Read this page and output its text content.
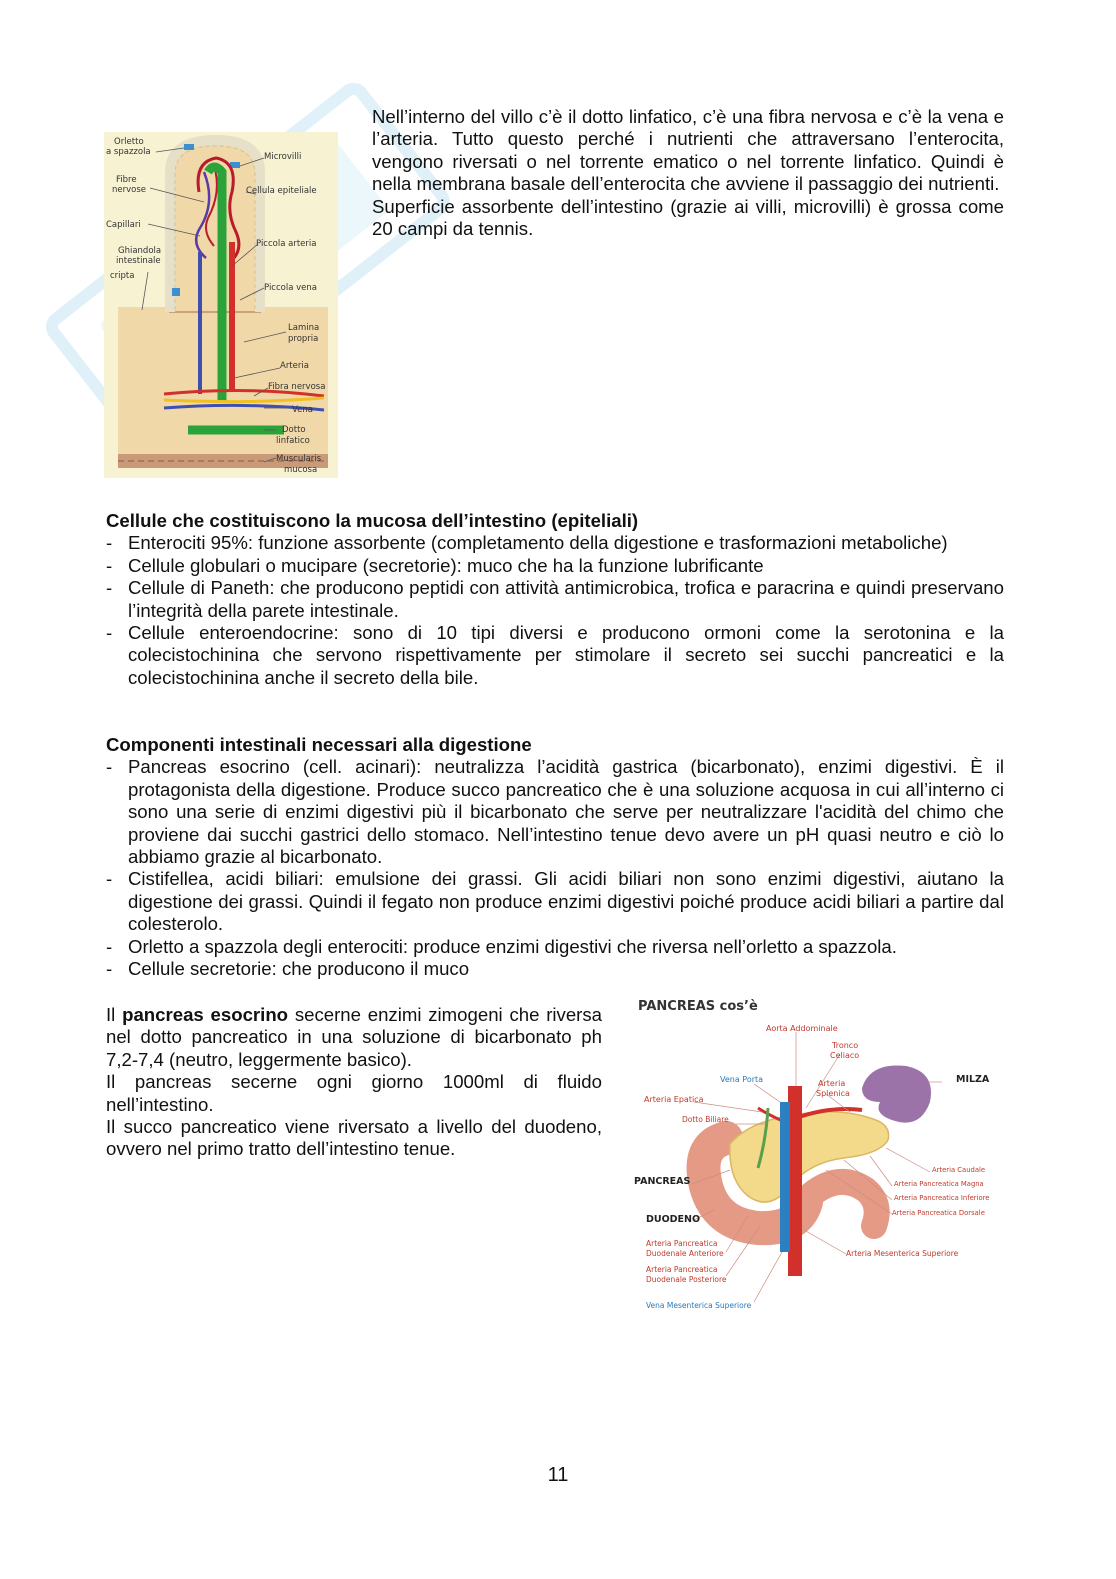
Orletto
a spazzola
Fibre
nervose
Capillari
Ghiandola
intestinale
cripta
Microvilli
Cellula epiteliale
Piccola arteria
Piccola vena
Lamina
propria
Arteria
Fibra nervosa
Vena
Dotto
linfatico
Muscularis
mucosa

Nell’interno del villo c’è il dotto linfatico, c’è una fibra nervosa e c’è la vena e l’arteria. Tutto questo perché i nutrienti che attraversano l’enterocita, vengono riversati o nel torrente ematico o nel torrente linfatico. Quindi è nella membrana basale dell’enterocita che avviene il passaggio dei nutrienti.

Superficie assorbente dell’intestino (grazie ai villi, microvilli) è grossa come 20 campi da tennis.

Cellule che costituiscono la mucosa dell’intestino (epiteliali)
- Enterociti 95%: funzione assorbente (completamento della digestione e trasformazioni metaboliche)
- Cellule globulari o mucipare (secretorie): muco che ha la funzione lubrificante
- Cellule di Paneth: che producono peptidi con attività antimicrobica, trofica e paracrina e quindi preservano l’integrità della parete intestinale.
- Cellule enteroendocrine: sono di 10 tipi diversi e producono ormoni come la serotonina e la colecistochinina che servono rispettivamente per stimolare il secreto sei succhi pancreatici e la colecistochinina anche il secreto della bile.
Componenti intestinali necessari alla digestione
- Pancreas esocrino (cell. acinari): neutralizza l’acidità gastrica (bicarbonato), enzimi digestivi. È il protagonista della digestione. Produce succo pancreatico che è una soluzione acquosa in cui all’interno ci sono una serie di enzimi digestivi più il bicarbonato che serve per neutralizzare l'acidità del chimo che proviene dai succhi gastrici dello stomaco. Nell’intestino tenue devo avere un pH quasi neutro e ciò lo abbiamo grazie al bicarbonato.
- Cistifellea, acidi biliari: emulsione dei grassi. Gli acidi biliari non sono enzimi digestivi, aiutano la digestione dei grassi. Quindi il fegato non produce enzimi digestivi poiché produce acidi biliari a partire dal colesterolo.
- Orletto a spazzola degli enterociti: produce enzimi digestivi che riversa nell’orletto a spazzola.
- Cellule secretorie: che producono il muco

Il pancreas esocrino secerne enzimi zimogeni che riversa nel dotto pancreatico in una soluzione di bicarbonato ph 7,2-7,4 (neutro, leggermente basico).

Il pancreas secerne ogni giorno 1000ml di fluido nell’intestino.

Il succo pancreatico viene riversato a livello del duodeno, ovvero nel primo tratto dell’intestino tenue.

PANCREAS cos’è
Aorta Addominale
Tronco
Celiaco
Arteria
Splenica
Arteria Epatica
Dotto Biliare
Arteria Caudale
Arteria Pancreatica Magna
Arteria Pancreatica Inferiore
Arteria Pancreatica Dorsale
Arteria Pancreatica
Duodenale Anteriore
Arteria Pancreatica
Duodenale Posteriore
Arteria Mesenterica Superiore
Vena Porta
Vena Mesenterica Superiore
MILZA
PANCREAS
DUODENO
11
